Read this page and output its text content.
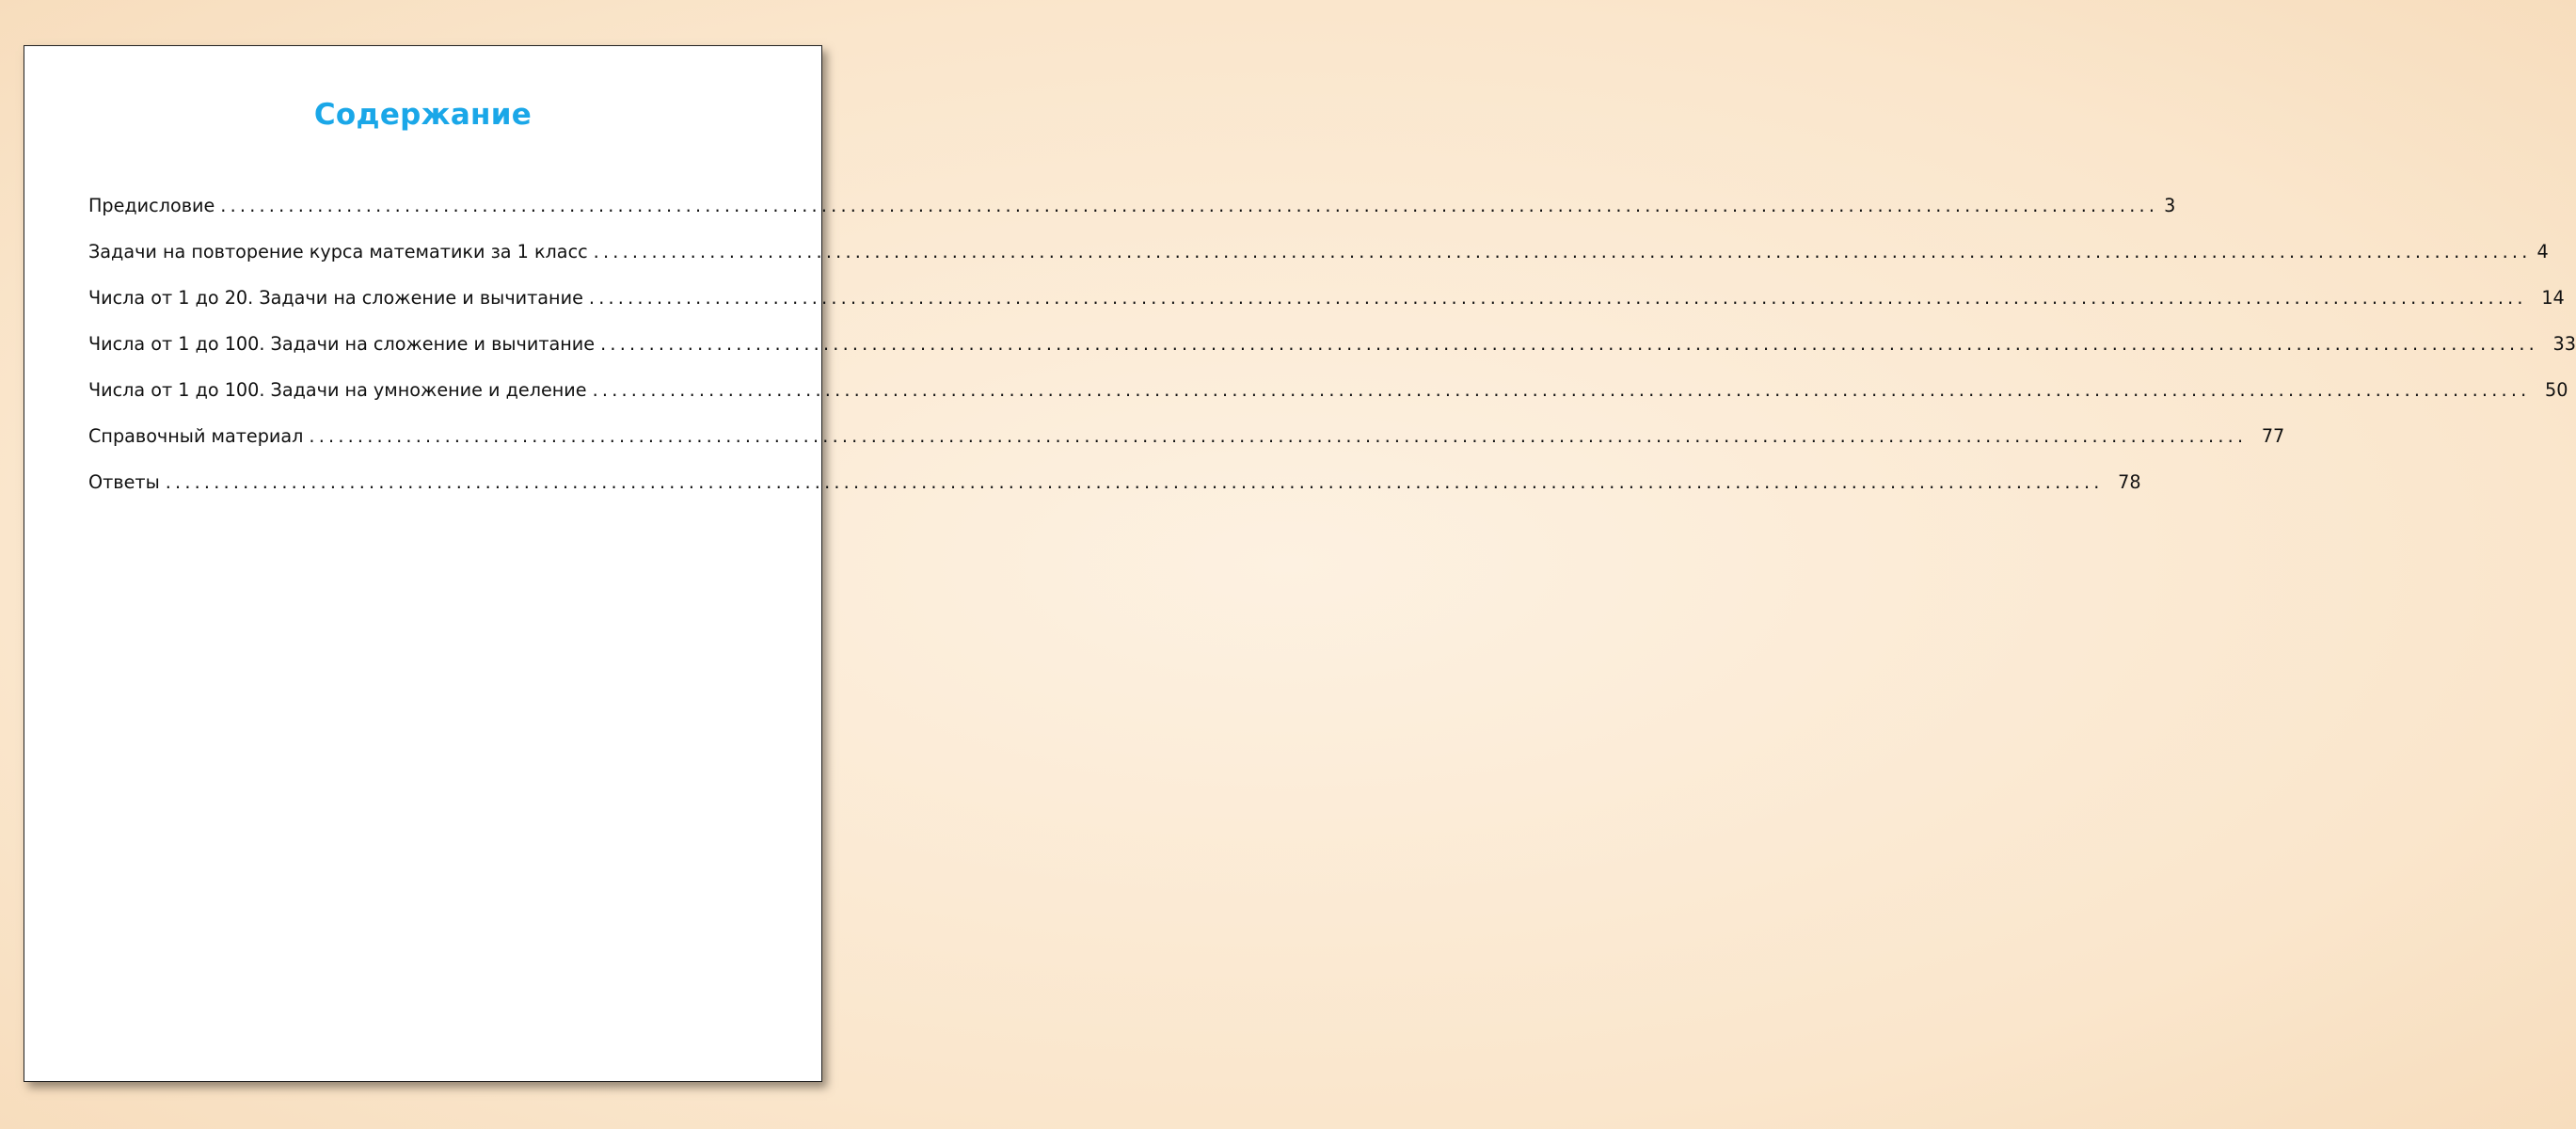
Содержание
Предисловие ........................................................................................................................................................................................................ 3
Задачи на повторение курса математики за 1 класс ........................................................................................................................................................................................................ 4
Числа от 1 до 20. Задачи на сложение и вычитание ........................................................................................................................................................................................................ 14
Числа от 1 до 100. Задачи на сложение и вычитание ........................................................................................................................................................................................................ 33
Числа от 1 до 100. Задачи на умножение и деление ........................................................................................................................................................................................................ 50
Справочный материал ........................................................................................................................................................................................................ 77
Ответы ........................................................................................................................................................................................................ 78
